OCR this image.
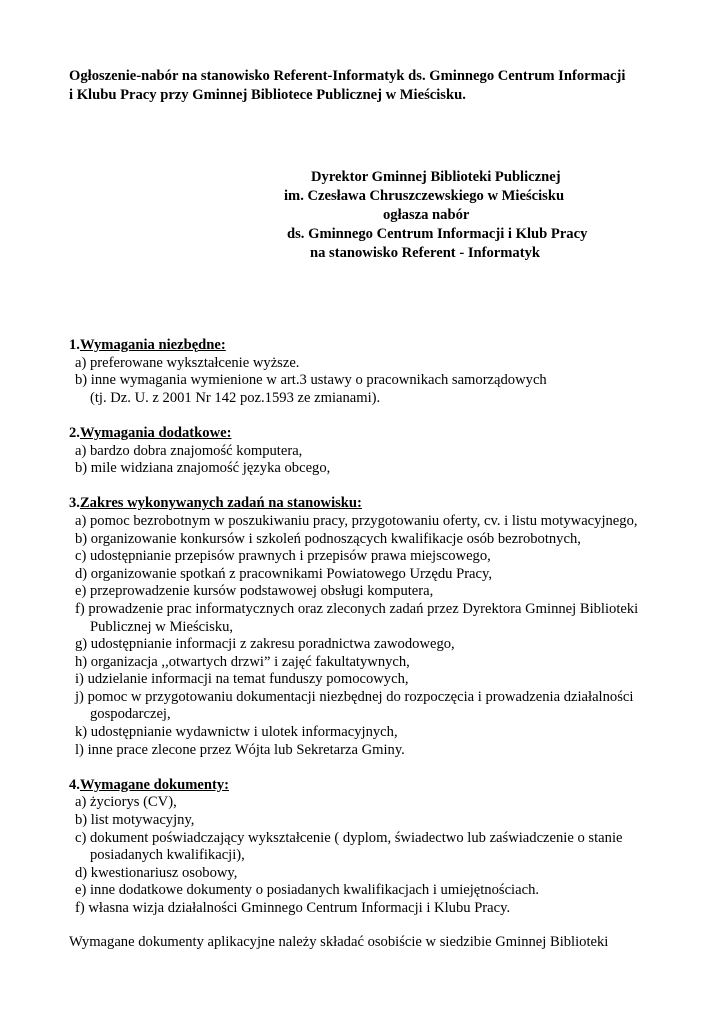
Ogłoszenie-nabór na stanowisko Referent-Informatyk ds. Gminnego Centrum Informacji
i Klubu Pracy przy Gminnej Bibliotece Publicznej w Mieścisku.
Dyrektor Gminnej Biblioteki Publicznej
im. Czesława Chruszczewskiego w Mieścisku
ogłasza nabór
ds. Gminnego Centrum Informacji i Klub Pracy
na stanowisko Referent - Informatyk
1.Wymagania niezbędne:
a) preferowane wykształcenie wyższe.
b) inne wymagania wymienione w art.3 ustawy o pracownikach samorządowych
(tj. Dz. U. z 2001 Nr 142 poz.1593 ze zmianami).
2.Wymagania dodatkowe:
a) bardzo dobra znajomość komputera,
b) mile widziana znajomość języka obcego,
3.Zakres wykonywanych zadań na stanowisku:
a) pomoc bezrobotnym w poszukiwaniu pracy, przygotowaniu oferty, cv. i listu motywacyjnego,
b) organizowanie konkursów i szkoleń podnoszących kwalifikacje osób bezrobotnych,
c) udostępnianie przepisów prawnych i przepisów prawa miejscowego,
d) organizowanie spotkań z pracownikami Powiatowego Urzędu Pracy,
e) przeprowadzenie kursów podstawowej obsługi komputera,
f) prowadzenie prac informatycznych oraz zleconych zadań przez Dyrektora Gminnej Biblioteki
Publicznej w Mieścisku,
g) udostępnianie informacji z zakresu poradnictwa zawodowego,
h) organizacja ,,otwartych drzwi” i zajęć fakultatywnych,
i) udzielanie informacji na temat funduszy pomocowych,
j) pomoc w przygotowaniu dokumentacji niezbędnej do rozpoczęcia i prowadzenia działalności
gospodarczej,
k) udostępnianie wydawnictw i ulotek informacyjnych,
l) inne prace zlecone przez Wójta lub Sekretarza Gminy.
4.Wymagane dokumenty:
a) życiorys (CV),
b) list motywacyjny,
c) dokument poświadczający wykształcenie ( dyplom, świadectwo lub zaświadczenie o stanie
posiadanych kwalifikacji),
d) kwestionariusz osobowy,
e) inne dodatkowe dokumenty o posiadanych kwalifikacjach i umiejętnościach.
f) własna wizja działalności Gminnego Centrum Informacji i Klubu Pracy.
Wymagane dokumenty aplikacyjne należy składać osobiście w siedzibie Gminnej Biblioteki
